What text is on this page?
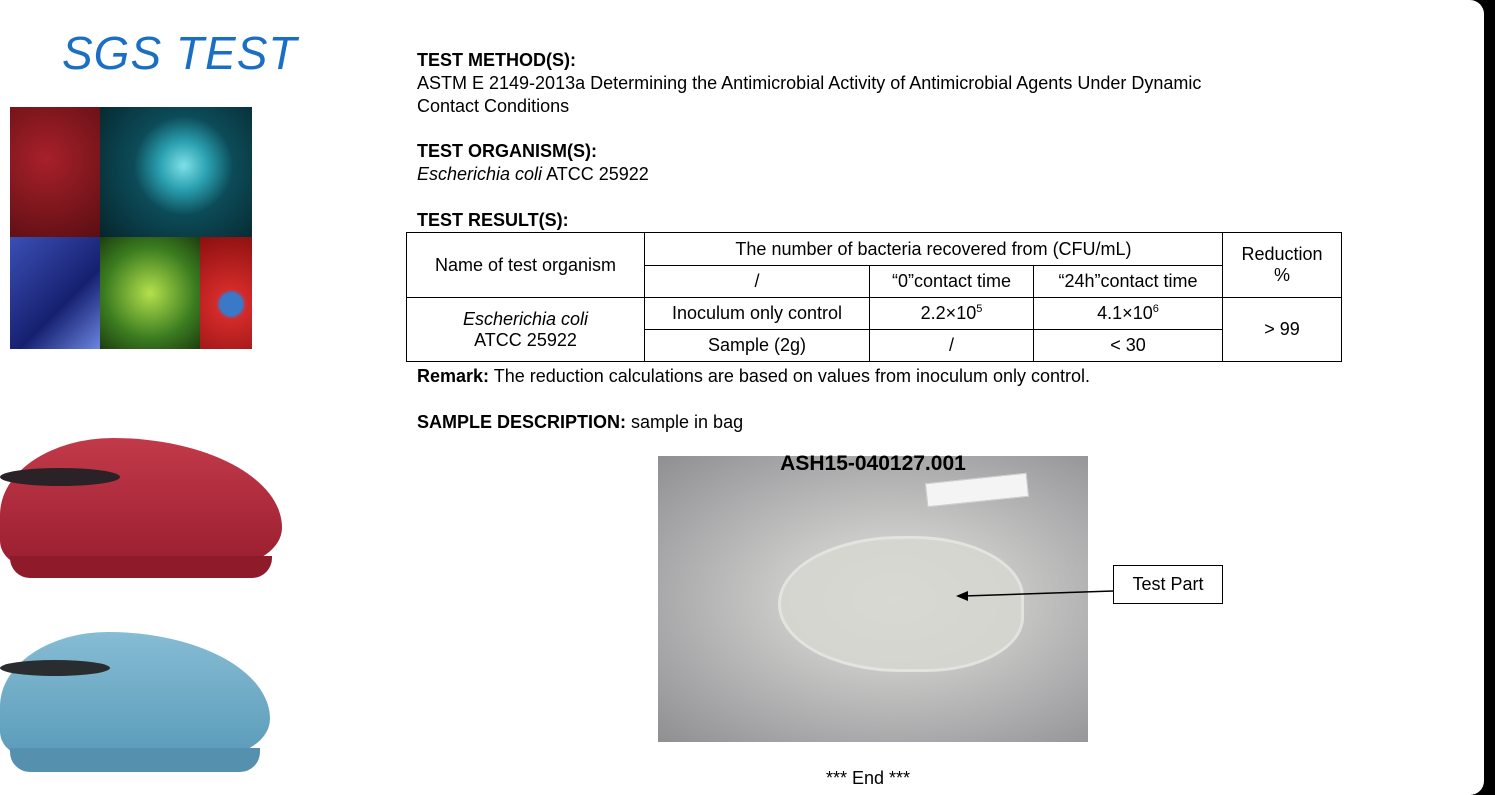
SGS TEST	TEST METHOD(S):
ASTM E 2149-2013a Determining the Antimicrobial Activity of Antimicrobial Agents Under Dynamic
Contact Conditions
TEST ORGANISM(S):
Escherichia coli ATCC 25922
TEST RESULT(S):
Name of test organism	The number of bacteria recovered from (CFU/mL)			Reduction
%
	/	“0”contact time	“24h”contact time	
Escherichia coli
ATCC 25922	Inoculum only control	$2.2\times 10^5$	$4.1\times 10^6$	> 99
	Sample (2g)	/	< 30	
Remark: The reduction calculations are based on values from inoculum only control.
SAMPLE DESCRIPTION: sample in bag
ASH15-040127.001
Test Part
*** End ***
